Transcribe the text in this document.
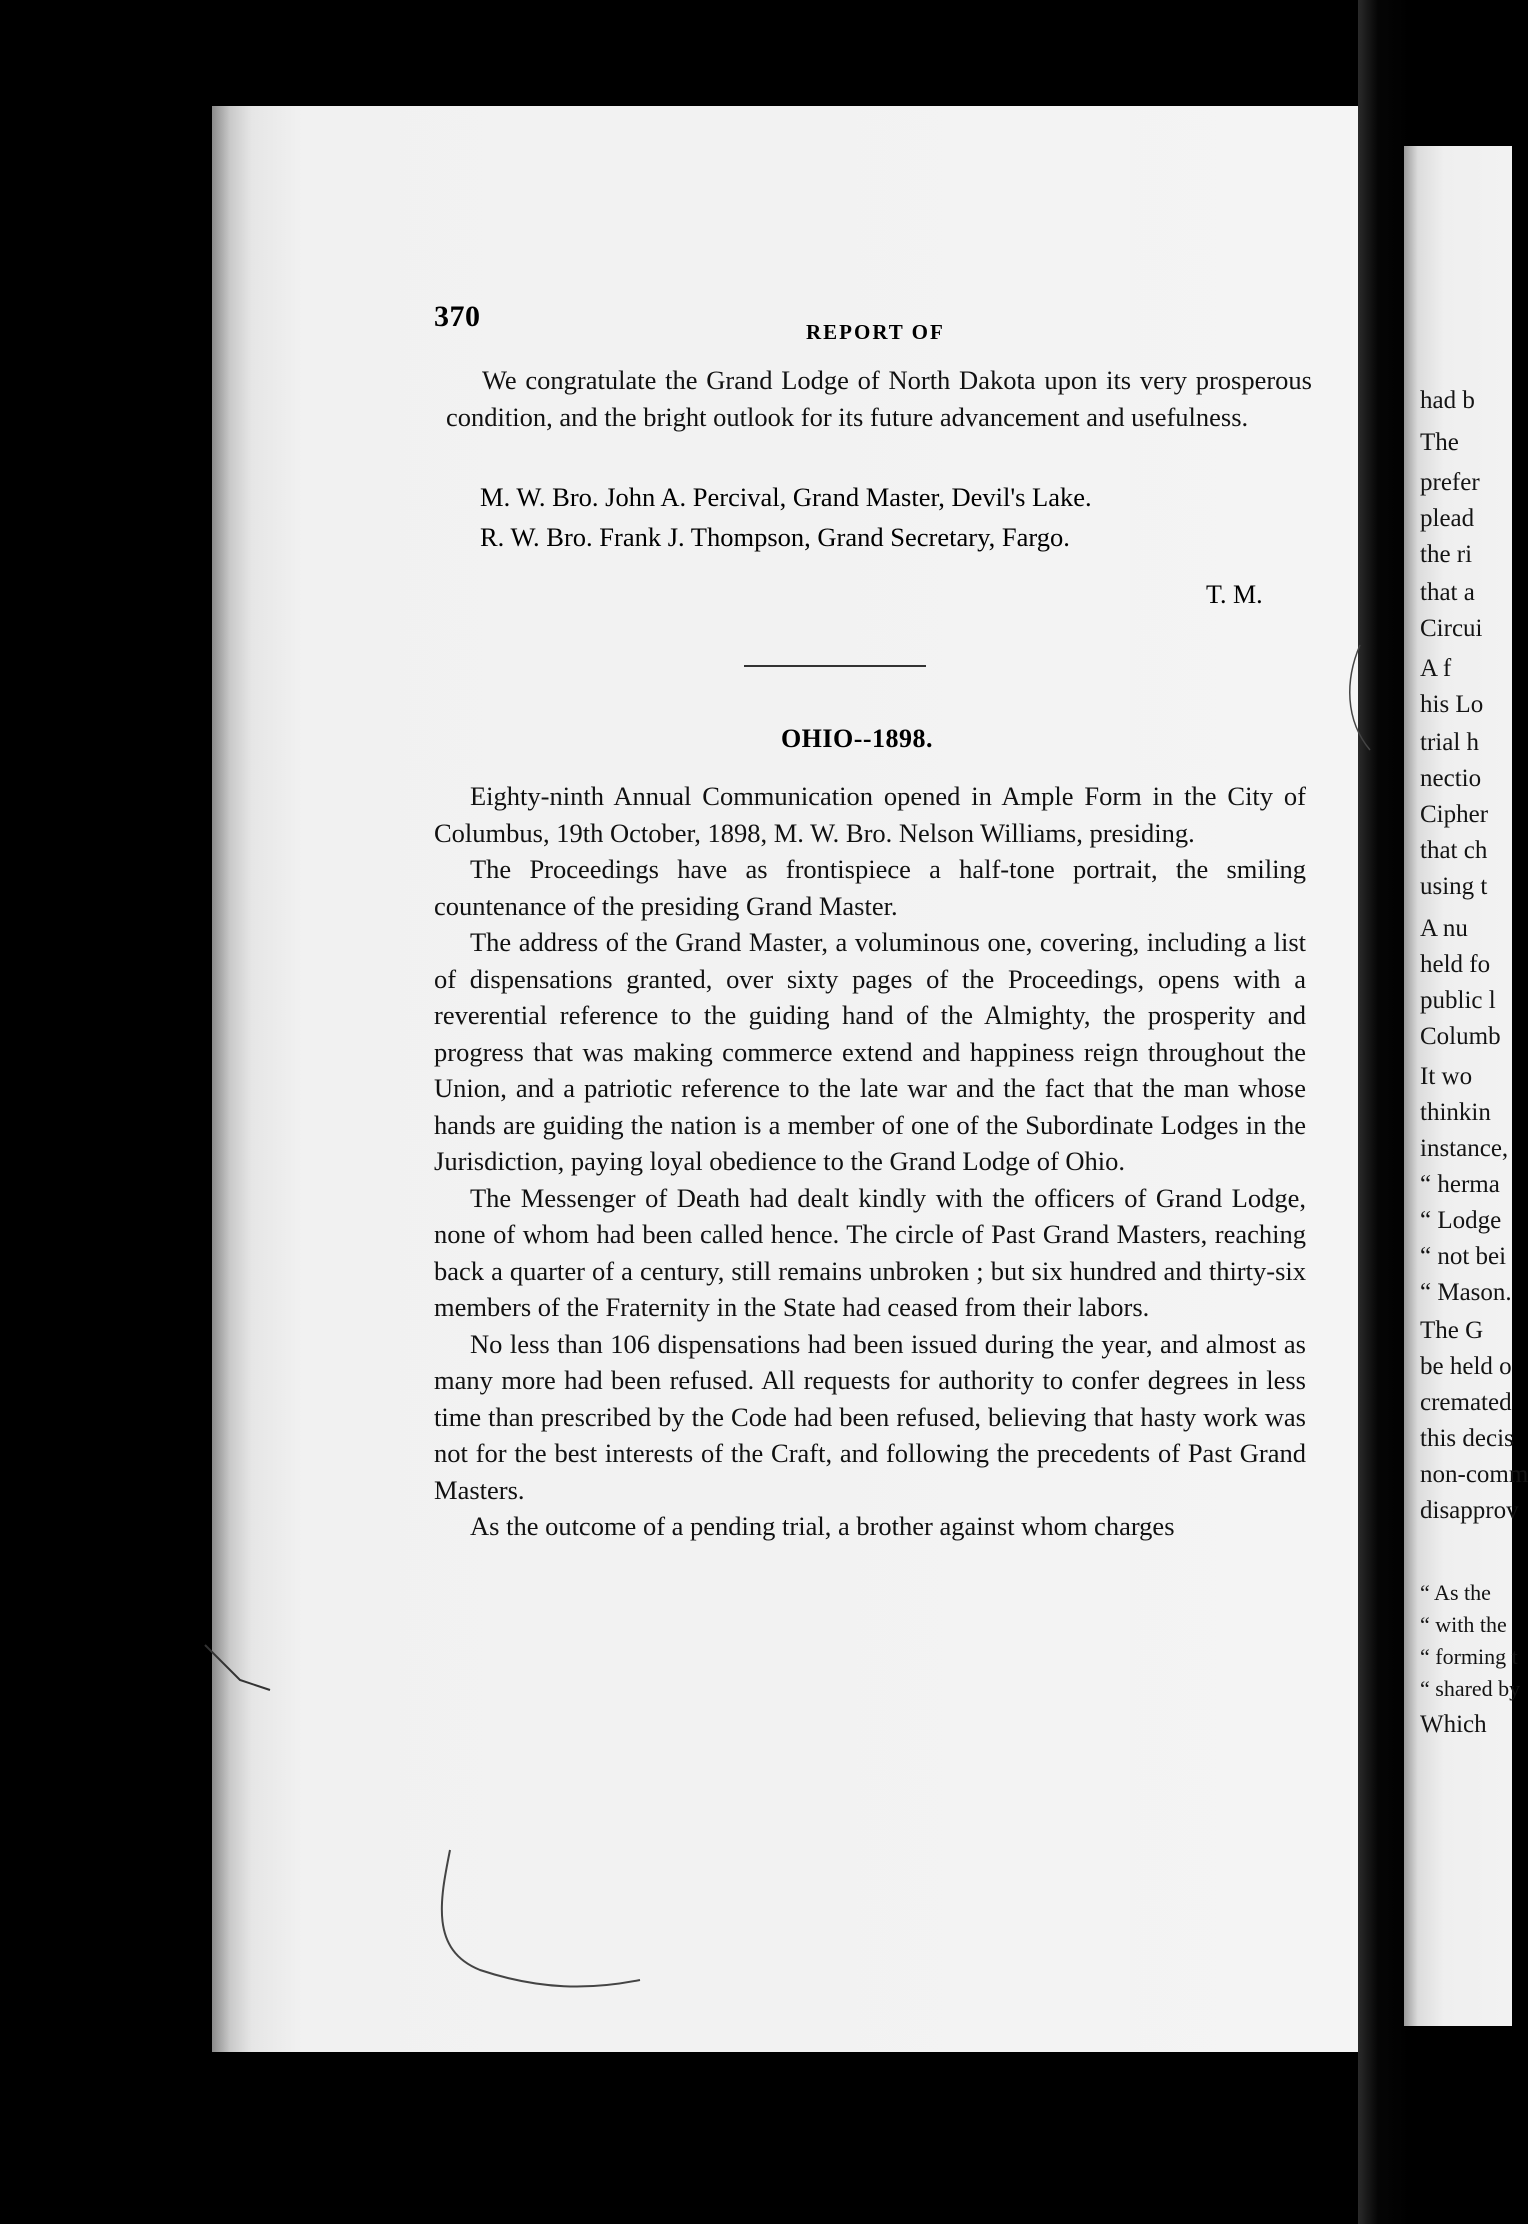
had b
The
prefer
plead
the ri
that a
Circui
A f
his Lo
trial h
nectio
Cipher
that ch
using t
A nu
held fo
public l
Columb
It wo
thinkin
instance,
“ herma
“ Lodge
“ not bei
“ Mason.
The G
be held o
cremated
this decis
non-comm
disapprov
“ As the
“ with the
“ forming t
“ shared by
Which
370	REPORT OF

We congratulate the Grand Lodge of North Dakota upon its very prosperous condition, and the bright outlook for its future advancement and usefulness.

M. W. Bro. John A. Percival, Grand Master, Devil's Lake.
R. W. Bro. Frank J. Thompson, Grand Secretary, Fargo.
T. M.
OHIO--1898.

Eighty-ninth Annual Communication opened in Ample Form in the City of Columbus, 19th October, 1898, M. W. Bro. Nelson Williams, presiding.

The Proceedings have as frontispiece a half-tone portrait, the smiling countenance of the presiding Grand Master.

The address of the Grand Master, a voluminous one, covering, including a list of dispensations granted, over sixty pages of the Proceedings, opens with a reverential reference to the guiding hand of the Almighty, the prosperity and progress that was making commerce extend and happiness reign throughout the Union, and a patriotic reference to the late war and the fact that the man whose hands are guiding the nation is a member of one of the Subordinate Lodges in the Jurisdiction, paying loyal obedience to the Grand Lodge of Ohio.

The Messenger of Death had dealt kindly with the officers of Grand Lodge, none of whom had been called hence. The circle of Past Grand Masters, reaching back a quarter of a century, still remains unbroken ; but six hundred and thirty-six members of the Fraternity in the State had ceased from their labors.

No less than 106 dispensations had been issued during the year, and almost as many more had been refused. All requests for authority to confer degrees in less time than prescribed by the Code had been refused, believing that hasty work was not for the best interests of the Craft, and following the precedents of Past Grand Masters.

As the outcome of a pending trial, a brother against whom charges
